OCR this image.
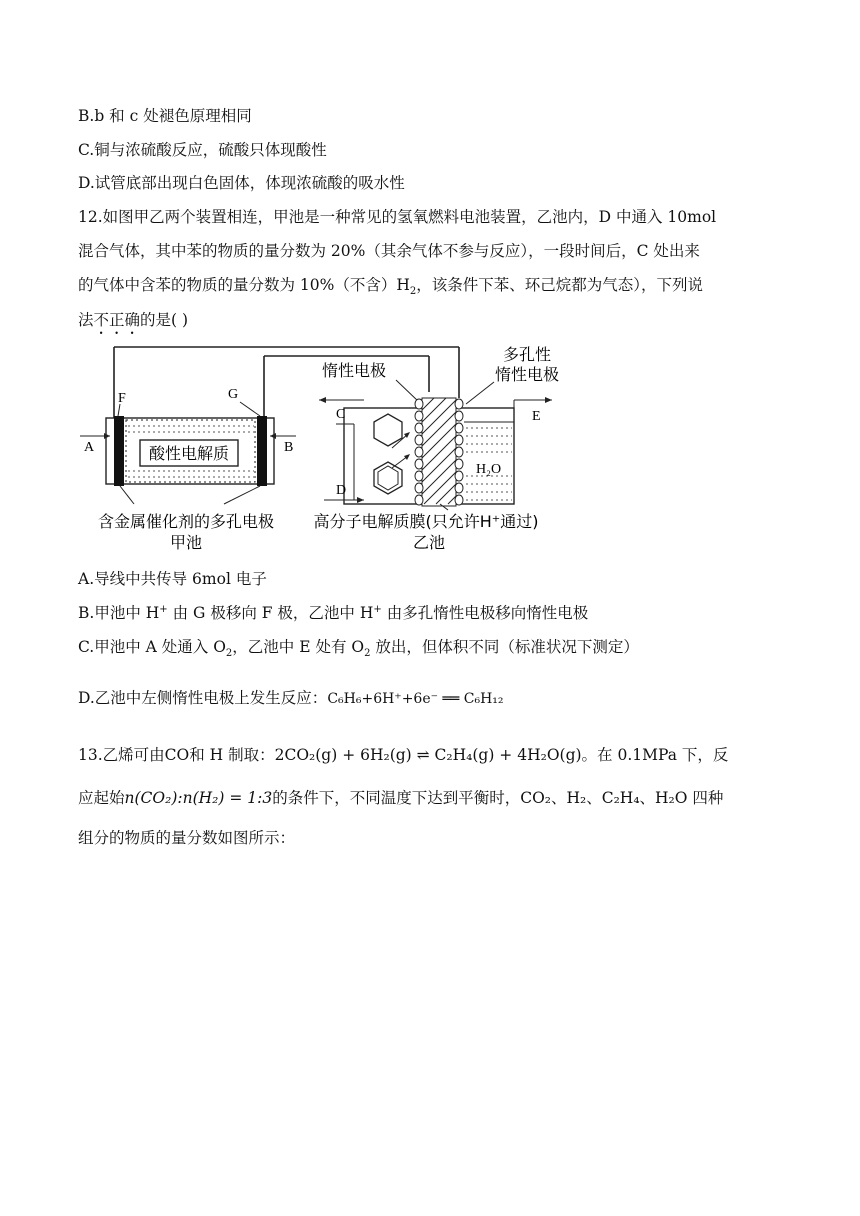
B.b 和 c 处褪色原理相同
C.铜与浓硫酸反应，硫酸只体现酸性
D.试管底部出现白色固体，体现浓硫酸的吸水性
12.如图甲乙两个装置相连，甲池是一种常见的氢氧燃料电池装置，乙池内，D 中通入 10mol
混合气体，其中苯的物质的量分数为 20%（其余气体不参与反应），一段时间后，C 处出来
的气体中含苯的物质的量分数为 10%（不含）$H_2$，该条件下苯、环己烷都为气态），下列说
法不正确的是( )
酸性电解质
F	G
A	B
含金属催化剂的多孔电极
甲池
惰性电极
多孔性
惰性电极
H₂O
C
D
E
高分子电解质膜(只允许H⁺通过)
乙池
A.导线中共传导 6mol 电子
B.甲池中 H+ 由 G 极移向 F 极，乙池中 H+ 由多孔惰性电极移向惰性电极
C.甲池中 A 处通入 $O_2$，乙池中 E 处有 $O_2$ 放出，但体积不同（标准状况下测定）
D.乙池中左侧惰性电极上发生反应：C₆H₆+6H⁺+6e⁻ ══ C₆H₁₂
13.乙烯可由CO和 H 制取：2CO₂(g) + 6H₂(g) ⇌ C₂H₄(g) + 4H₂O(g)。在 0.1MPa 下，反
应起始n(CO₂):n(H₂) = 1:3的条件下，不同温度下达到平衡时，CO₂、H₂、C₂H₄、H₂O 四种
组分的物质的量分数如图所示：
